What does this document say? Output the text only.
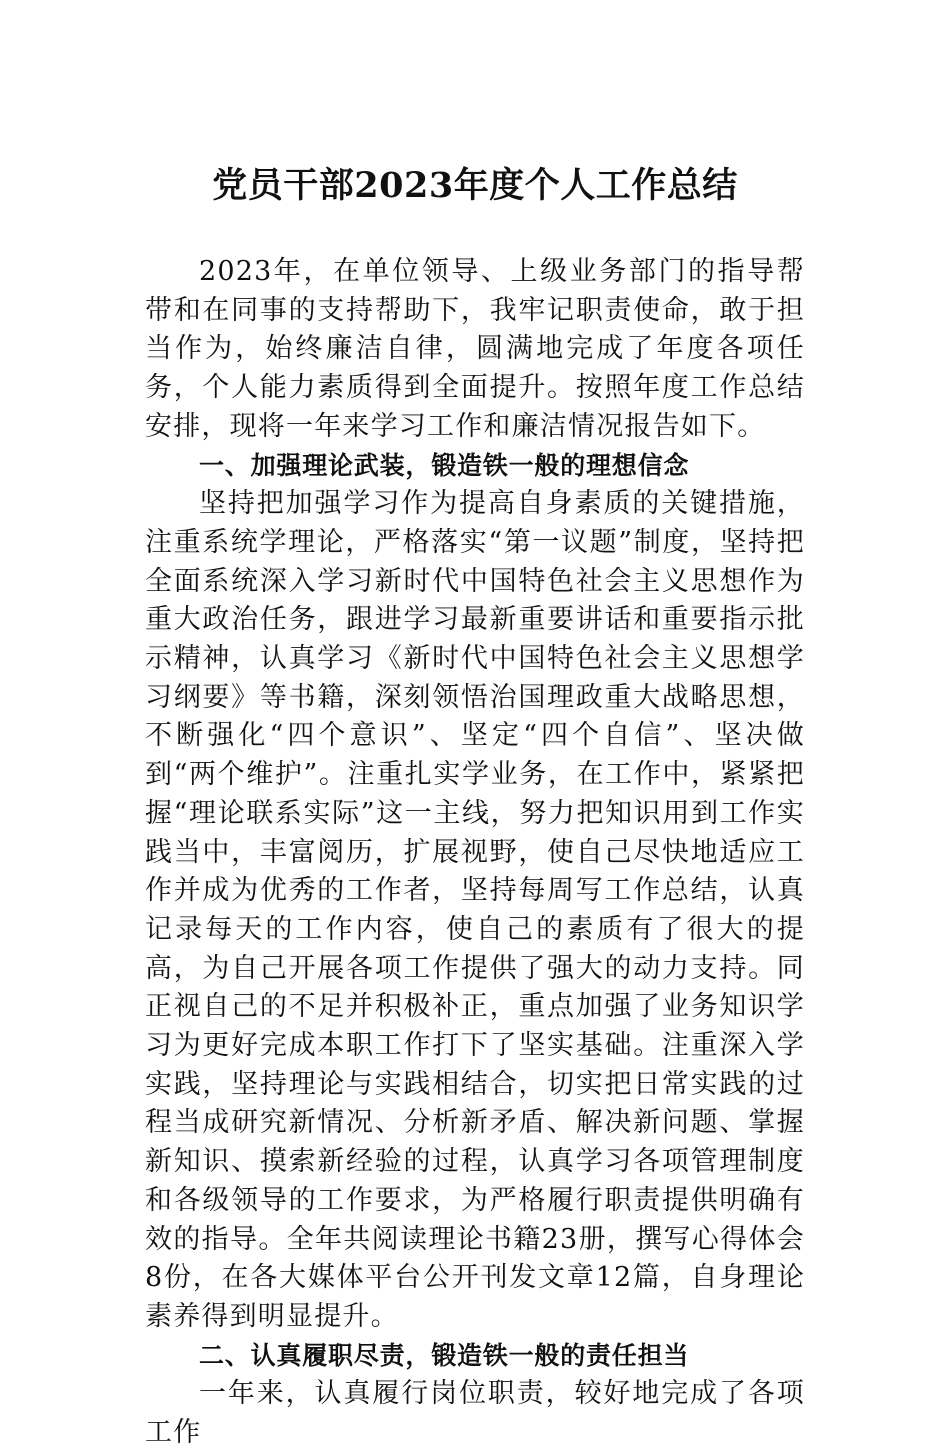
党员干部2023年度个人工作总结

2023年，在单位领导、上级业务部门的指导帮带和在同事的支持帮助下，我牢记职责使命，敢于担当作为，始终廉洁自律，圆满地完成了年度各项任务，个人能力素质得到全面提升。按照年度工作总结安排，现将一年来学习工作和廉洁情况报告如下。

一、加强理论武装，锻造铁一般的理想信念

坚持把加强学习作为提高自身素质的关键措施，注重系统学理论，严格落实“第一议题”制度，坚持把全面系统深入学习新时代中国特色社会主义思想作为重大政治任务，跟进学习最新重要讲话和重要指示批示精神，认真学习《新时代中国特色社会主义思想学习纲要》等书籍，深刻领悟治国理政重大战略思想，不断强化“四个意识”、坚定“四个自信”、坚决做到“两个维护”。注重扎实学业务，在工作中，紧紧把握“理论联系实际”这一主线，努力把知识用到工作实践当中，丰富阅历，扩展视野，使自己尽快地适应工作并成为优秀的工作者，坚持每周写工作总结，认真记录每天的工作内容，使自己的素质有了很大的提高，为自己开展各项工作提供了强大的动力支持。同正视自己的不足并积极补正，重点加强了业务知识学习为更好完成本职工作打下了坚实基础。注重深入学实践，坚持理论与实践相结合，切实把日常实践的过程当成研究新情况、分析新矛盾、解决新问题、掌握新知识、摸索新经验的过程，认真学习各项管理制度和各级领导的工作要求，为严格履行职责提供明确有效的指导。全年共阅读理论书籍23册，撰写心得体会8份，在各大媒体平台公开刊发文章12篇，自身理论素养得到明显提升。

二、认真履职尽责，锻造铁一般的责任担当

一年来，认真履行岗位职责，较好地完成了各项工作
